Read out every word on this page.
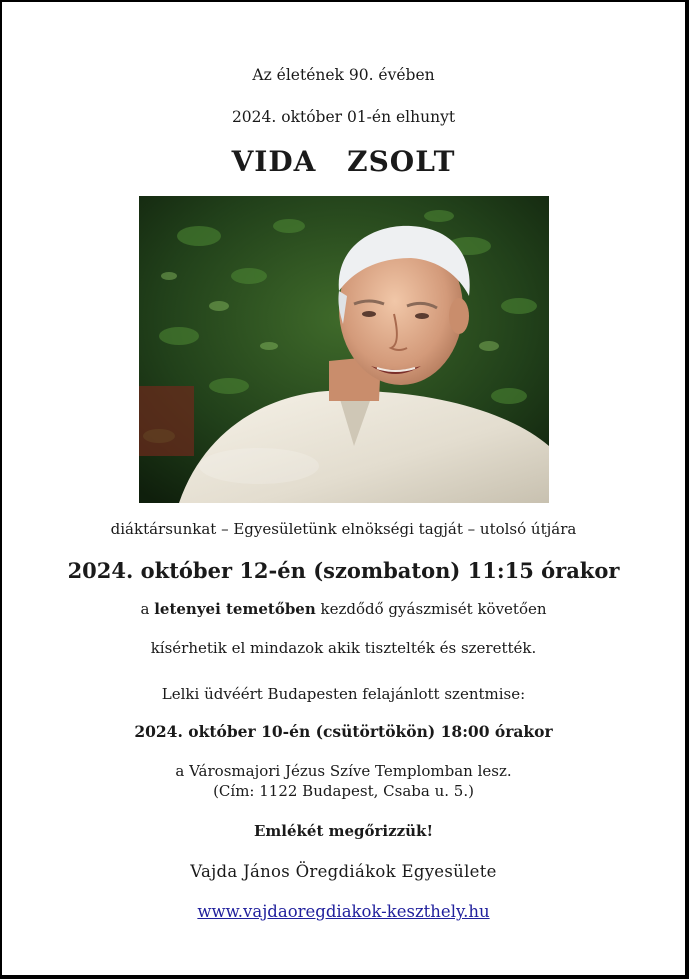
Az életének 90. évében
2024. október 01-én elhunyt
VIDA ZSOLT
diáktársunkat – Egyesületünk elnökségi tagját – utolsó útjára
2024. október 12-én (szombaton) 11:15 órakor
a letenyei temetőben kezdődő gyászmisét követően
kísérhetik el mindazok akik tisztelték és szerették.
Lelki üdvéért Budapesten felajánlott szentmise:
2024. október 10-én (csütörtökön) 18:00 órakor
a Városmajori Jézus Szíve Templomban lesz.
(Cím: 1122 Budapest, Csaba u. 5.)
Emlékét megőrizzük!
Vajda János Öregdiákok Egyesülete
www.vajdaoregdiakok-keszthely.hu
